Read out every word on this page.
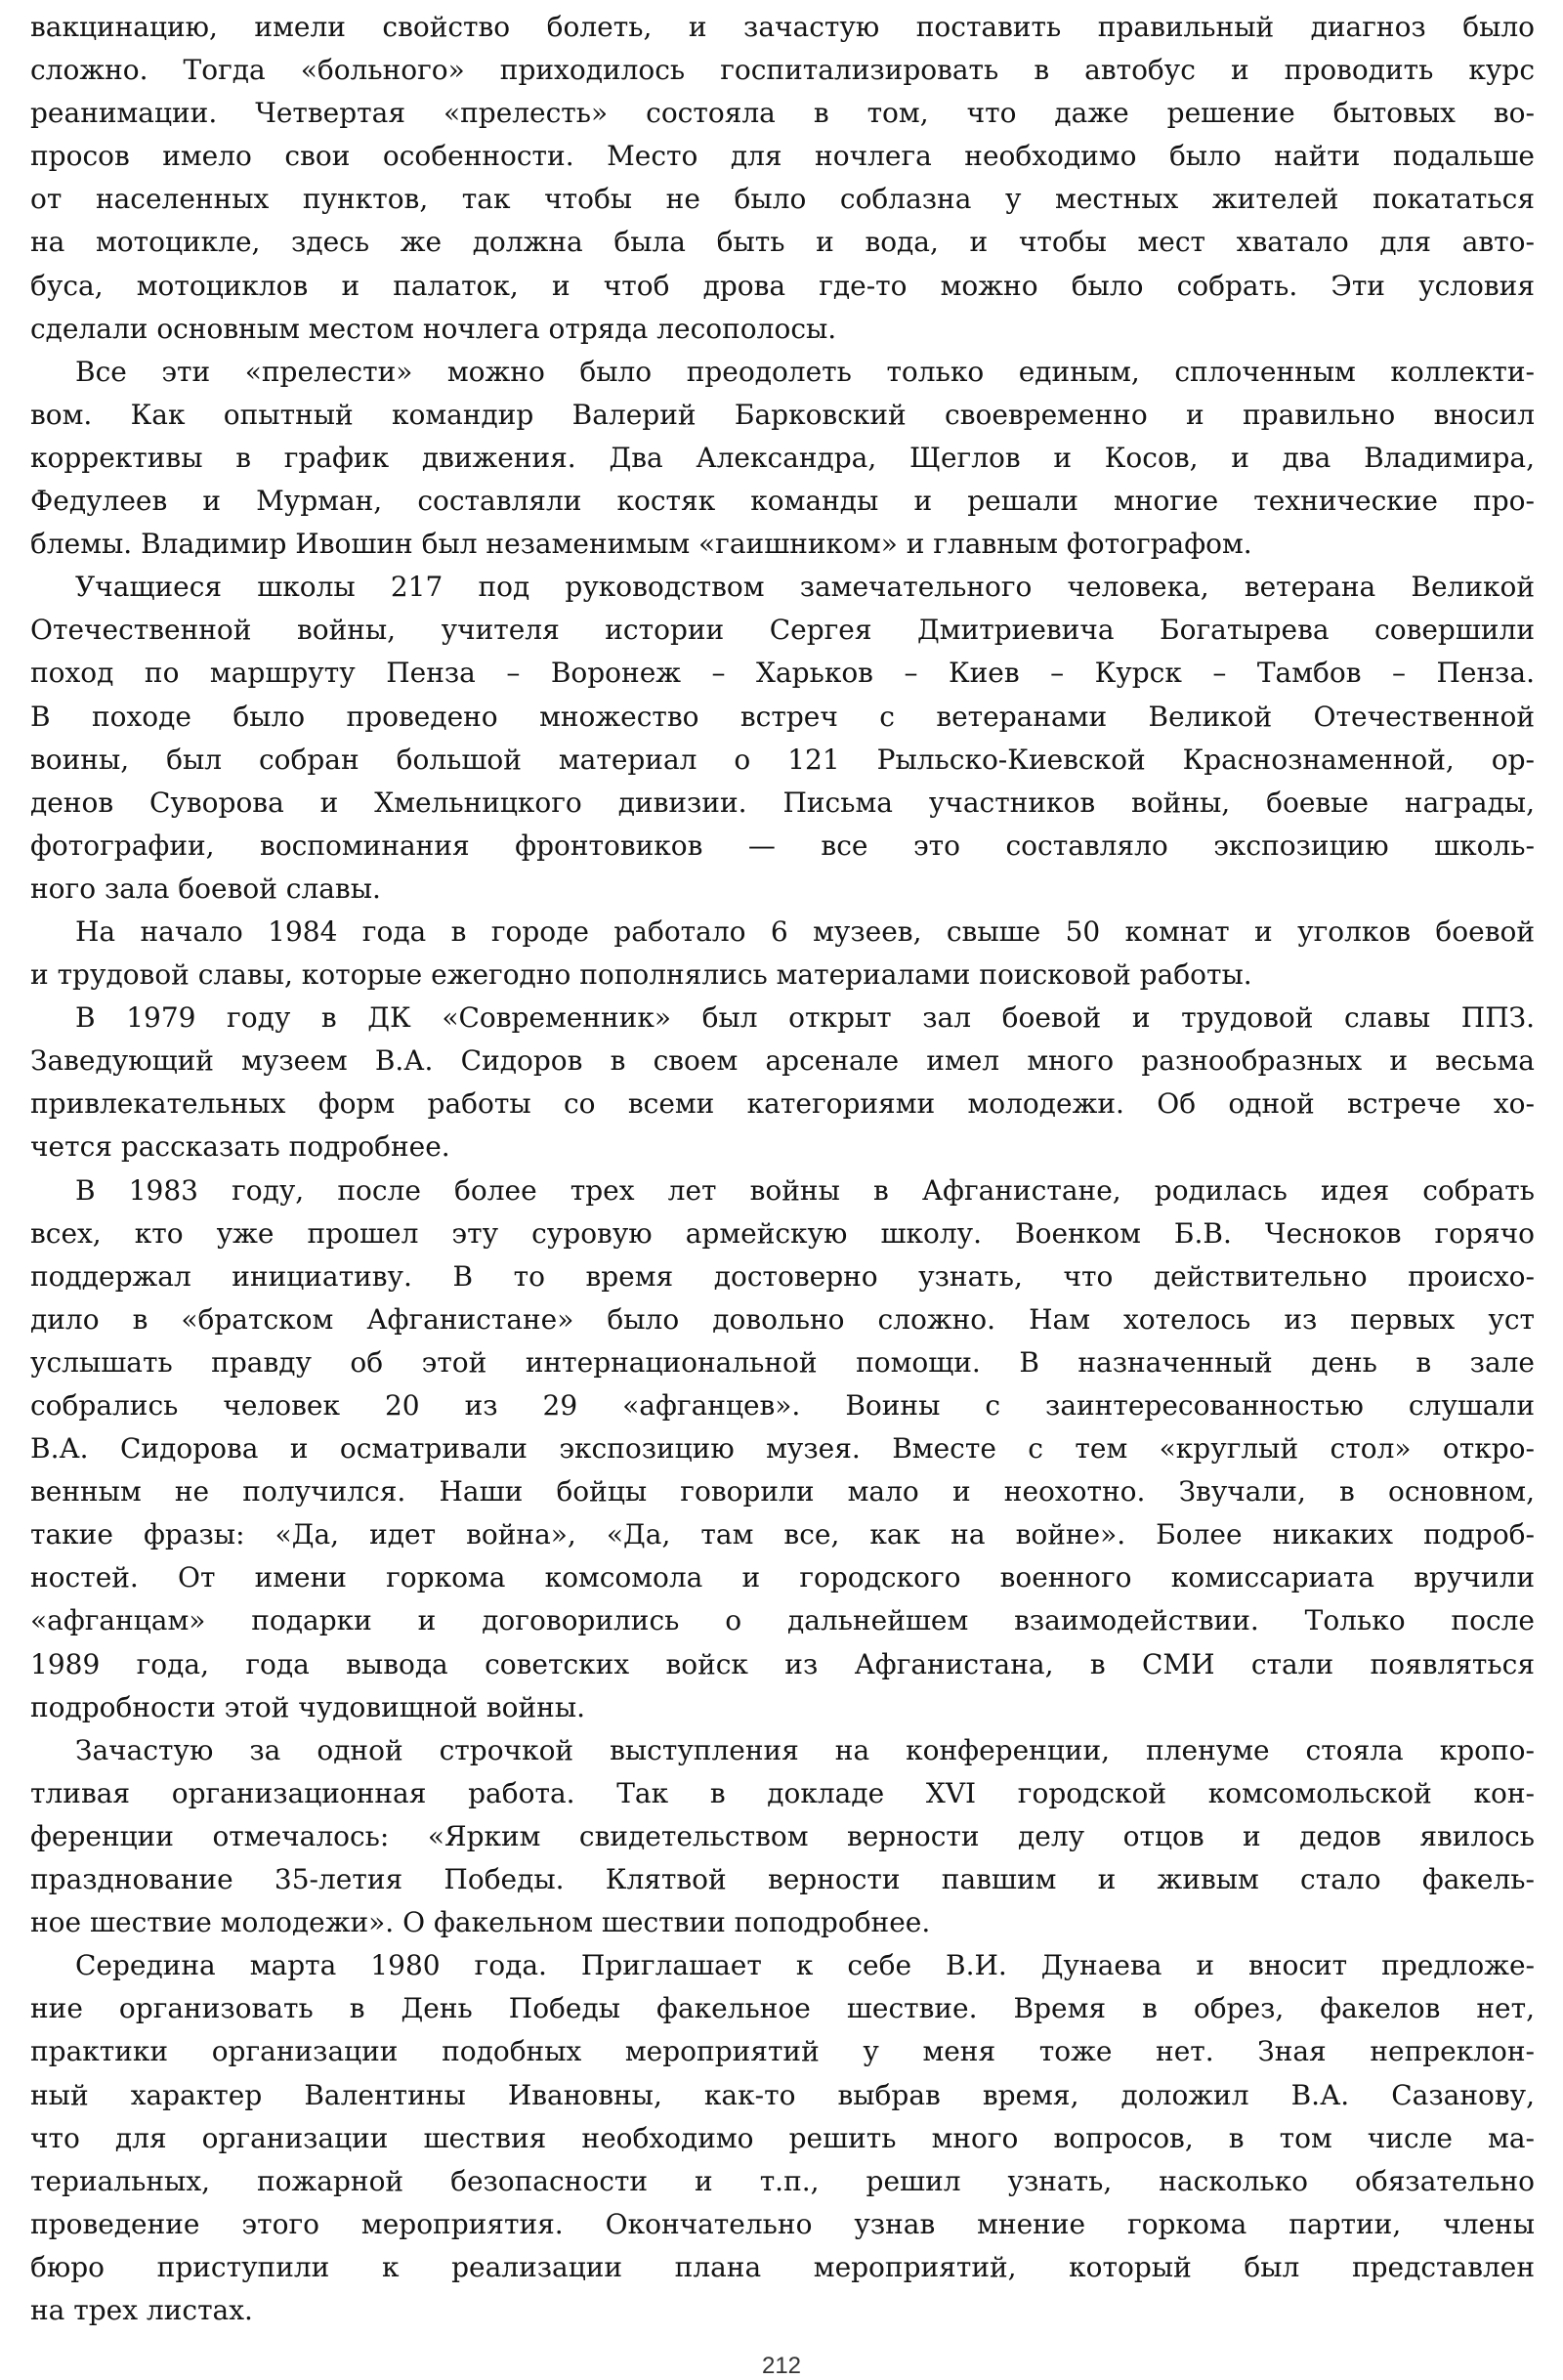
вакцинацию, имели свойство болеть, и зачастую поставить правильный диагноз было
сложно. Тогда «больного» приходилось госпитализировать в автобус и проводить курс
реанимации. Четвертая «прелесть» состояла в том, что даже решение бытовых во-
просов имело свои особенности. Место для ночлега необходимо было найти подальше
от населенных пунктов, так чтобы не было соблазна у местных жителей покататься
на мотоцикле, здесь же должна была быть и вода, и чтобы мест хватало для авто-
буса, мотоциклов и палаток, и чтоб дрова где-то можно было собрать. Эти условия
сделали основным местом ночлега отряда лесополосы.
Все эти «прелести» можно было преодолеть только единым, сплоченным коллекти-
вом. Как опытный командир Валерий Барковский своевременно и правильно вносил
коррективы в график движения. Два Александра, Щеглов и Косов, и два Владимира,
Федулеев и Мурман, составляли костяк команды и решали многие технические про-
блемы. Владимир Ивошин был незаменимым «гаишником» и главным фотографом.
Учащиеся школы 217 под руководством замечательного человека, ветерана Великой
Отечественной войны, учителя истории Сергея Дмитриевича Богатырева совершили
поход по маршруту Пенза – Воронеж – Харьков – Киев – Курск – Тамбов – Пенза.
В походе было проведено множество встреч с ветеранами Великой Отечественной
воины, был собран большой материал о 121 Рыльско-Киевской Краснознаменной, ор-
денов Суворова и Хмельницкого дивизии. Письма участников войны, боевые награды,
фотографии, воспоминания фронтовиков — все это составляло экспозицию школь-
ного зала боевой славы.
На начало 1984 года в городе работало 6 музеев, свыше 50 комнат и уголков боевой
и трудовой славы, которые ежегодно пополнялись материалами поисковой работы.
В 1979 году в ДК «Современник» был открыт зал боевой и трудовой славы ППЗ.
Заведующий музеем В.А. Сидоров в своем арсенале имел много разнообразных и весьма
привлекательных форм работы со всеми категориями молодежи. Об одной встрече хо-
чется рассказать подробнее.
В 1983 году, после более трех лет войны в Афганистане, родилась идея собрать
всех, кто уже прошел эту суровую армейскую школу. Военком Б.В. Чесноков горячо
поддержал инициативу. В то время достоверно узнать, что действительно происхо-
дило в «братском Афганистане» было довольно сложно. Нам хотелось из первых уст
услышать правду об этой интернациональной помощи. В назначенный день в зале
собрались человек 20 из 29 «афганцев». Воины с заинтересованностью слушали
В.А. Сидорова и осматривали экспозицию музея. Вместе с тем «круглый стол» откро-
венным не получился. Наши бойцы говорили мало и неохотно. Звучали, в основном,
такие фразы: «Да, идет война», «Да, там все, как на войне». Более никаких подроб-
ностей. От имени горкома комсомола и городского военного комиссариата вручили
«афганцам» подарки и договорились о дальнейшем взаимодействии. Только после
1989 года, года вывода советских войск из Афганистана, в СМИ стали появляться
подробности этой чудовищной войны.
Зачастую за одной строчкой выступления на конференции, пленуме стояла кропо-
тливая организационная работа. Так в докладе XVI городской комсомольской кон-
ференции отмечалось: «Ярким свидетельством верности делу отцов и дедов явилось
празднование 35-летия Победы. Клятвой верности павшим и живым стало факель-
ное шествие молодежи». О факельном шествии поподробнее.
Середина марта 1980 года. Приглашает к себе В.И. Дунаева и вносит предложе-
ние организовать в День Победы факельное шествие. Время в обрез, факелов нет,
практики организации подобных мероприятий у меня тоже нет. Зная непреклон-
ный характер Валентины Ивановны, как-то выбрав время, доложил В.А. Сазанову,
что для организации шествия необходимо решить много вопросов, в том числе ма-
териальных, пожарной безопасности и т.п., решил узнать, насколько обязательно
проведение этого мероприятия. Окончательно узнав мнение горкома партии, члены
бюро приступили к реализации плана мероприятий, который был представлен
на трех листах.
212
